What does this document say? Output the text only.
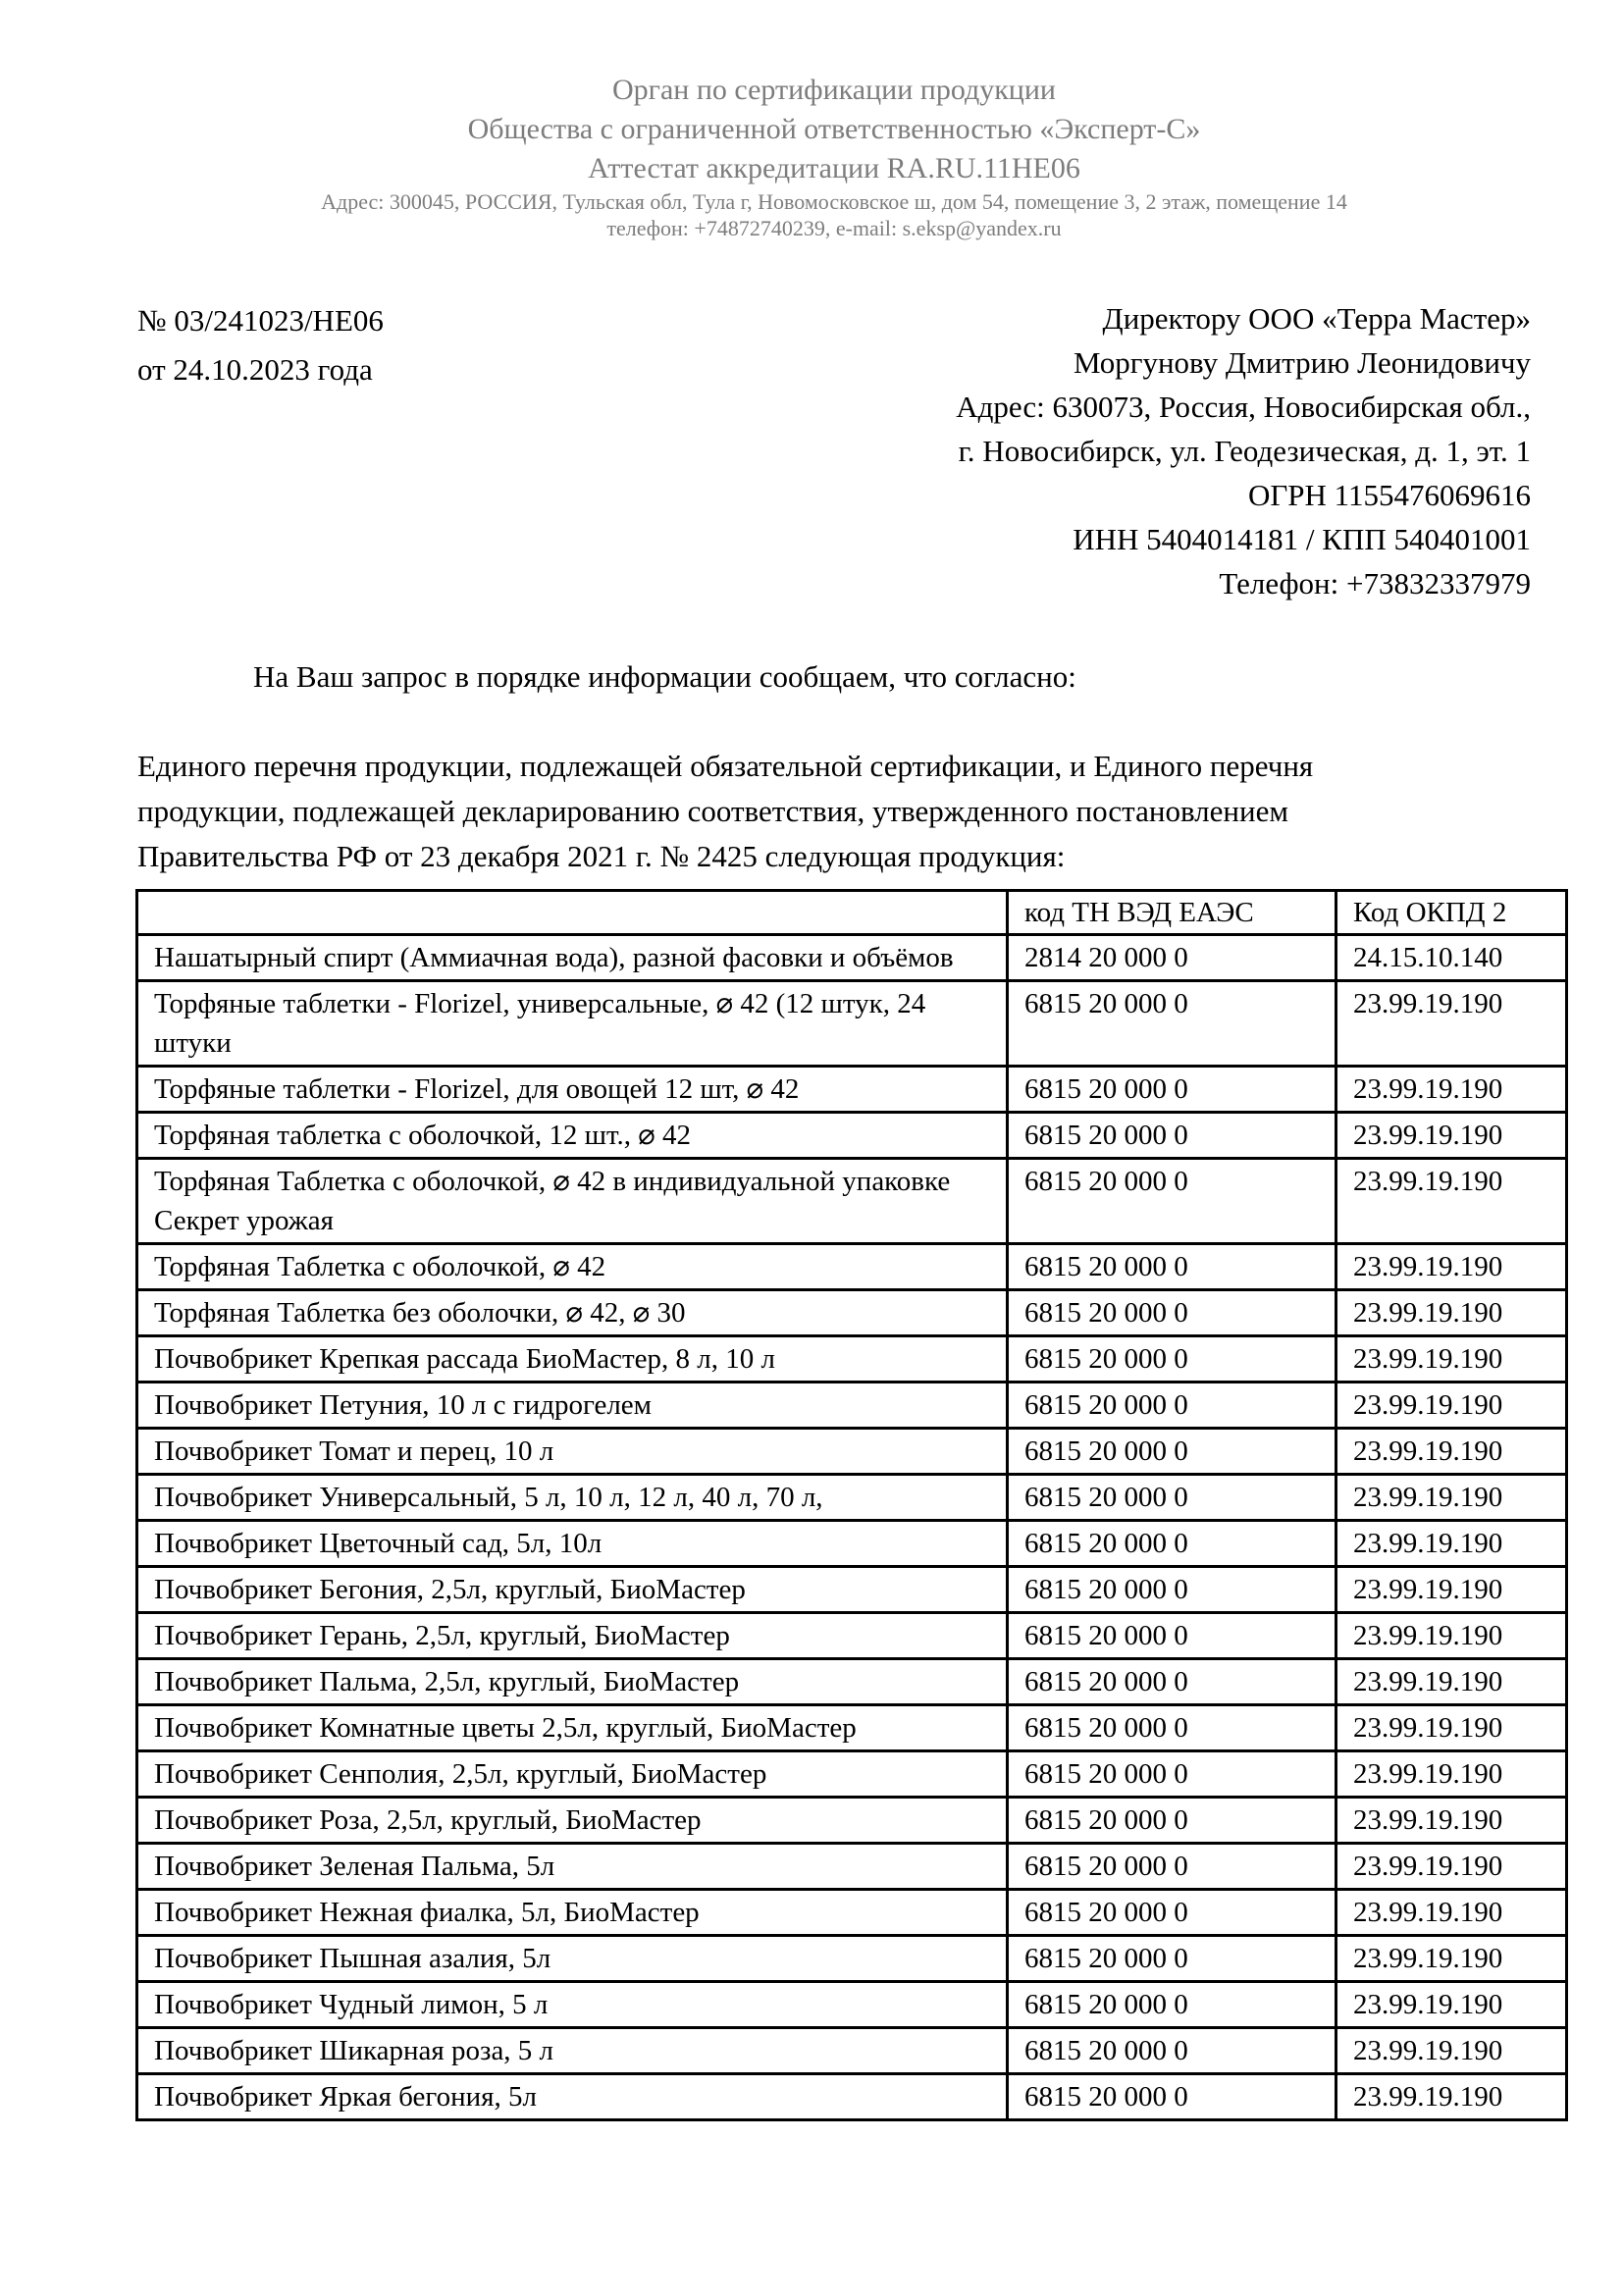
Орган по сертификации продукции
Общества с ограниченной ответственностью «Эксперт-С»
Аттестат аккредитации RA.RU.11НЕ06
Адрес: 300045, РОССИЯ, Тульская обл, Тула г, Новомосковское ш, дом 54, помещение 3, 2 этаж, помещение 14
телефон: +74872740239, e-mail: s.eksp@yandex.ru
№ 03/241023/НЕ06
от 24.10.2023 года
Директору ООО «Терра Мастер»
Моргунову Дмитрию Леонидовичу
Адрес: 630073, Россия, Новосибирская обл.,
г. Новосибирск, ул. Геодезическая, д. 1, эт. 1
ОГРН 1155476069616
ИНН 5404014181 / КПП 540401001
Телефон: +73832337979

На Ваш запрос в порядке информации сообщаем, что согласно:

Единого перечня продукции, подлежащей обязательной сертификации, и Единого перечня продукции, подлежащей декларированию соответствия, утвержденного постановлением Правительства РФ от 23 декабря 2021 г. № 2425 следующая продукция:

	код ТН ВЭД ЕАЭС	Код ОКПД 2
Нашатырный спирт (Аммиачная вода), разной фасовки и объёмов	2814 20 000 0	24.15.10.140
Торфяные таблетки - Florizel, универсальные, ⌀ 42 (12 штук, 24 штуки	6815 20 000 0	23.99.19.190
Торфяные таблетки - Florizel, для овощей 12 шт, ⌀ 42	6815 20 000 0	23.99.19.190
Торфяная таблетка с оболочкой, 12 шт., ⌀ 42	6815 20 000 0	23.99.19.190
Торфяная Таблетка с оболочкой, ⌀ 42 в индивидуальной упаковке Секрет урожая	6815 20 000 0	23.99.19.190
Торфяная Таблетка с оболочкой, ⌀ 42	6815 20 000 0	23.99.19.190
Торфяная Таблетка без оболочки, ⌀ 42, ⌀ 30	6815 20 000 0	23.99.19.190
Почвобрикет Крепкая рассада БиоМастер, 8 л, 10 л	6815 20 000 0	23.99.19.190
Почвобрикет Петуния, 10 л с гидрогелем	6815 20 000 0	23.99.19.190
Почвобрикет Томат и перец, 10 л	6815 20 000 0	23.99.19.190
Почвобрикет Универсальный, 5 л, 10 л, 12 л, 40 л, 70 л,	6815 20 000 0	23.99.19.190
Почвобрикет Цветочный сад, 5л, 10л	6815 20 000 0	23.99.19.190
Почвобрикет Бегония, 2,5л, круглый, БиоМастер	6815 20 000 0	23.99.19.190
Почвобрикет Герань, 2,5л, круглый, БиоМастер	6815 20 000 0	23.99.19.190
Почвобрикет Пальма, 2,5л, круглый, БиоМастер	6815 20 000 0	23.99.19.190
Почвобрикет Комнатные цветы 2,5л, круглый, БиоМастер	6815 20 000 0	23.99.19.190
Почвобрикет Сенполия, 2,5л, круглый, БиоМастер	6815 20 000 0	23.99.19.190
Почвобрикет Роза, 2,5л, круглый, БиоМастер	6815 20 000 0	23.99.19.190
Почвобрикет Зеленая Пальма, 5л	6815 20 000 0	23.99.19.190
Почвобрикет Нежная фиалка, 5л, БиоМастер	6815 20 000 0	23.99.19.190
Почвобрикет Пышная азалия, 5л	6815 20 000 0	23.99.19.190
Почвобрикет Чудный лимон, 5 л	6815 20 000 0	23.99.19.190
Почвобрикет Шикарная роза, 5 л	6815 20 000 0	23.99.19.190
Почвобрикет Яркая бегония, 5л	6815 20 000 0	23.99.19.190
